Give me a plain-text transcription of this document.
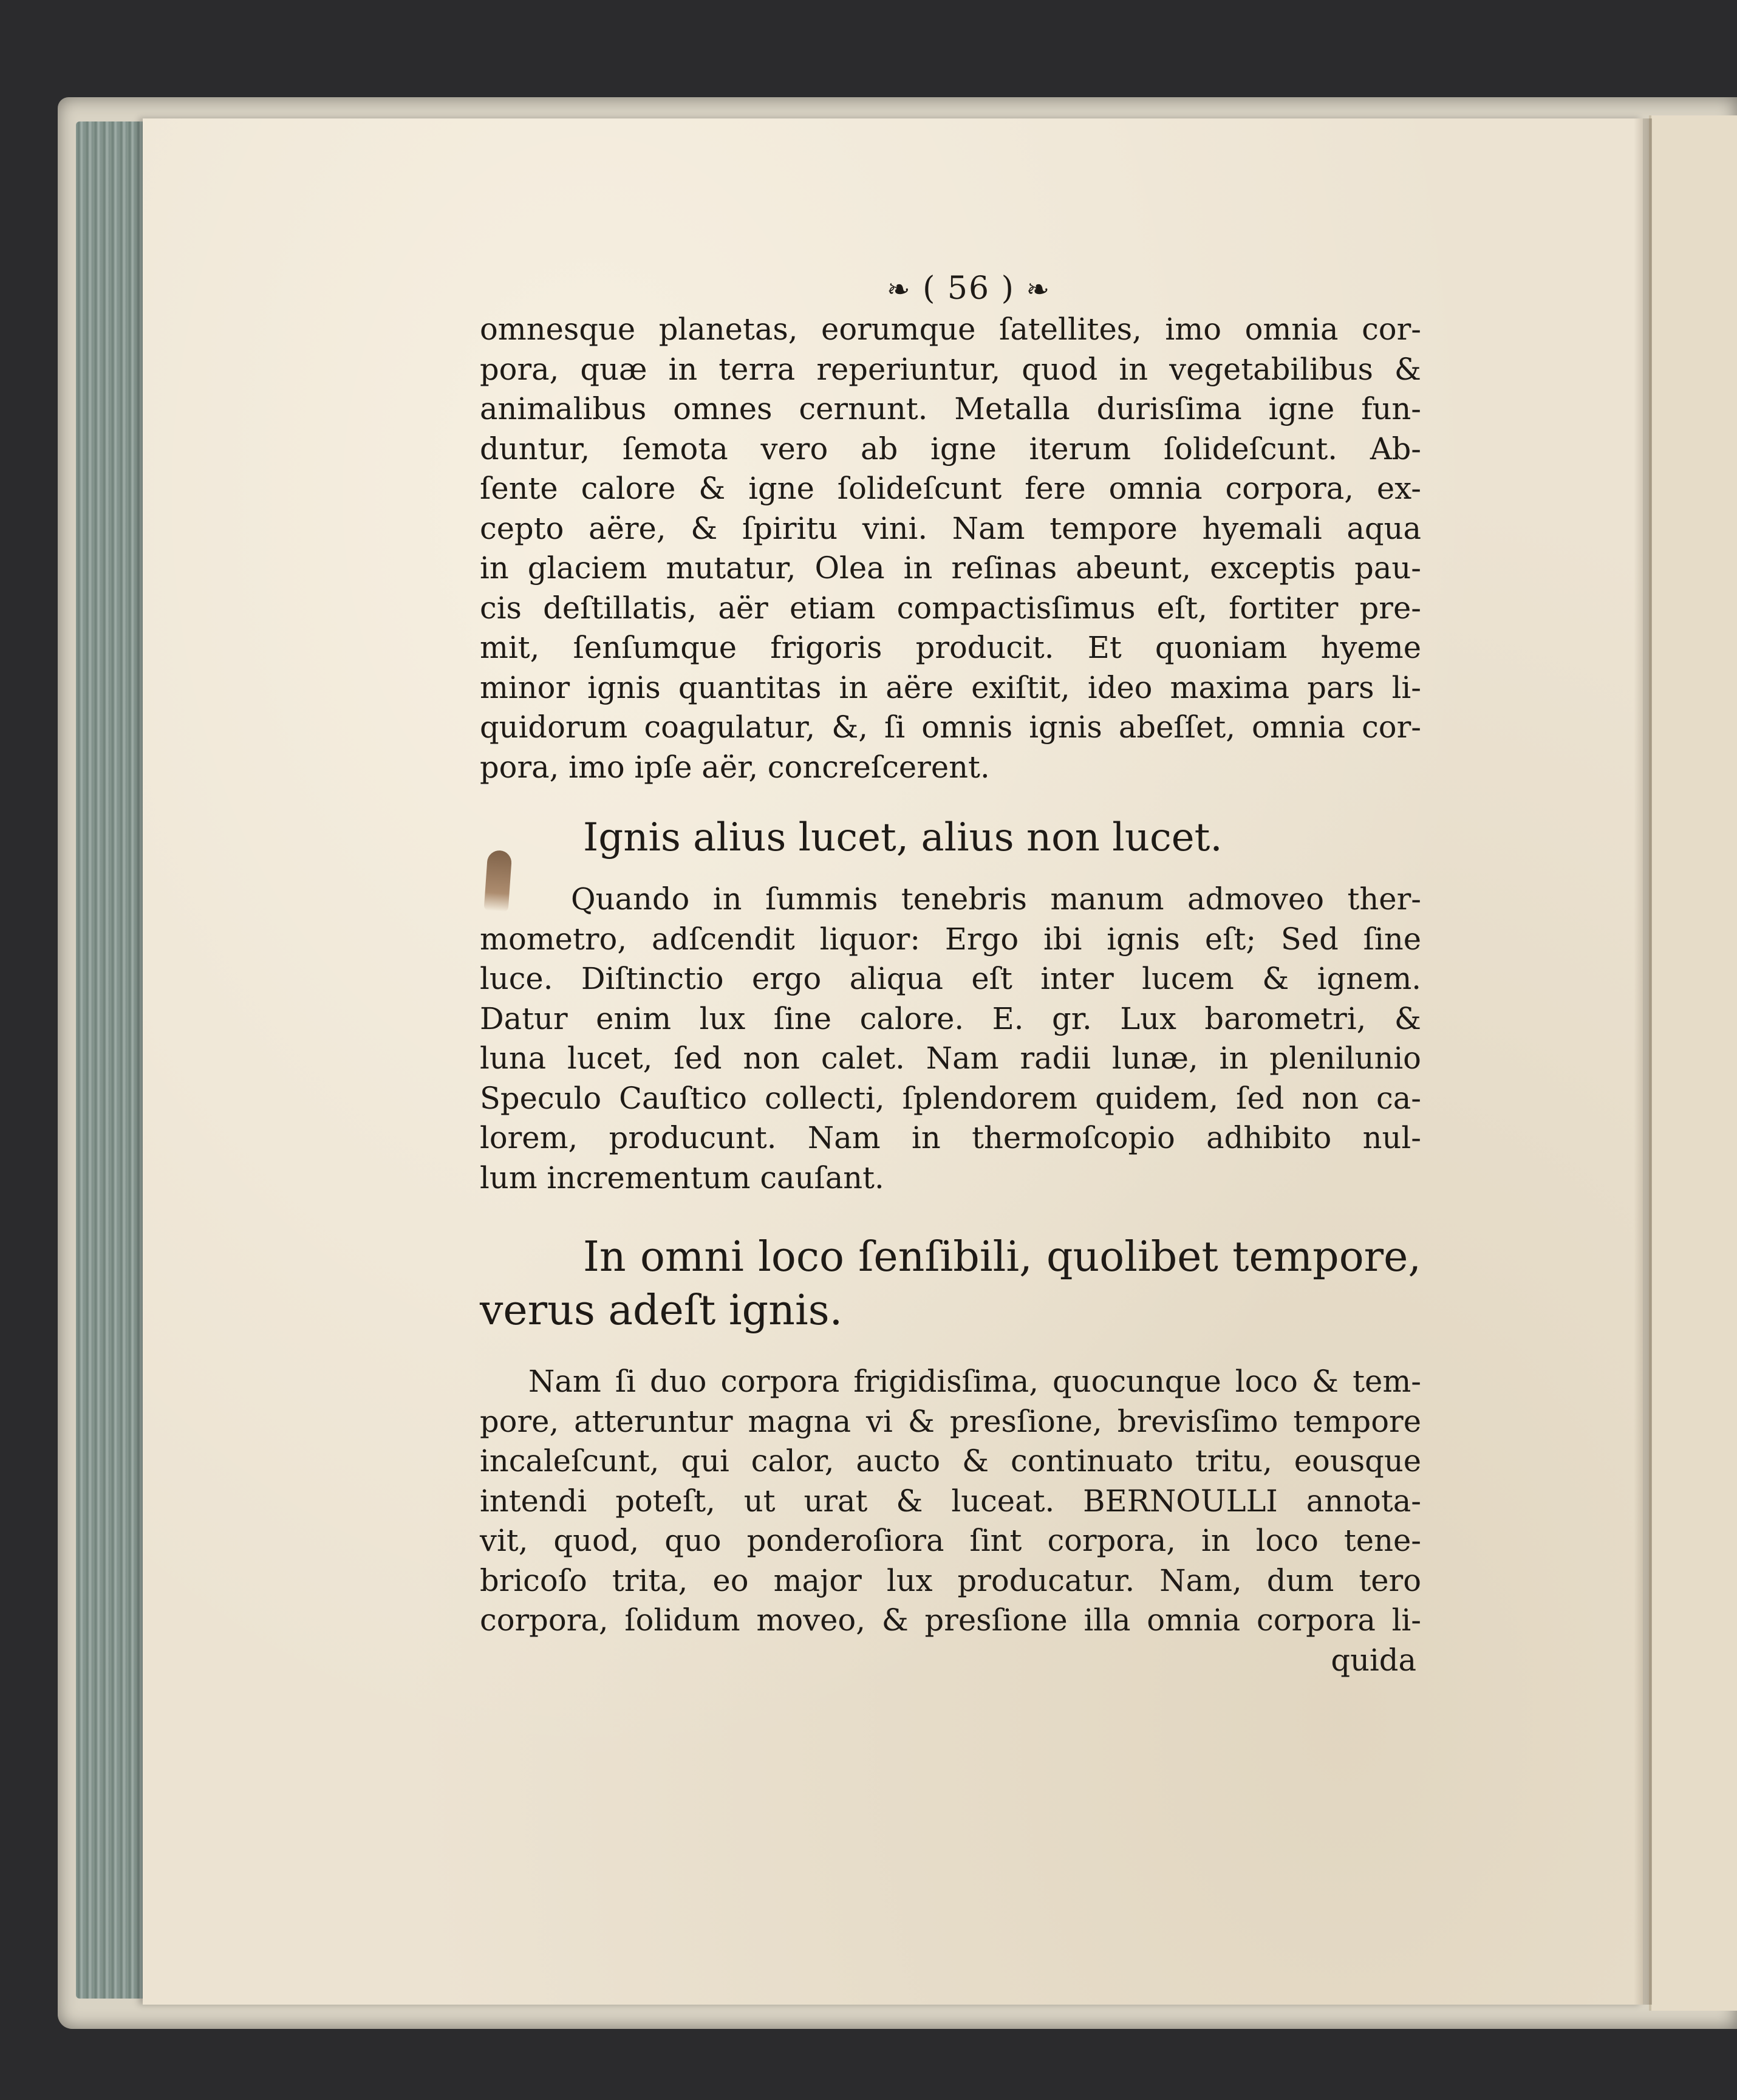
❧ ( 56 ) ❧
omnesque planetas, eorumque ſatellites, imo omnia cor-
pora, quæ in terra reperiuntur, quod in vegetabilibus &
animalibus omnes cernunt. Metalla durisſima igne fun-
duntur, ſemota vero ab igne iterum ſolideſcunt. Ab-
ſente calore & igne ſolideſcunt fere omnia corpora, ex-
cepto aëre, & ſpiritu vini. Nam tempore hyemali aqua
in glaciem mutatur, Olea in reſinas abeunt, exceptis pau-
cis deſtillatis, aër etiam compactisſimus eſt, fortiter pre-
mit, ſenſumque frigoris producit. Et quoniam hyeme
minor ignis quantitas in aëre exiſtit, ideo maxima pars li-
quidorum coagulatur, &, ſi omnis ignis abeſſet, omnia cor-
pora, imo ipſe aër, concreſcerent.
Ignis alius lucet, alius non lucet.
Quando in ſummis tenebris manum admoveo ther-
mometro, adſcendit liquor: Ergo ibi ignis eſt; Sed ſine
luce. Diſtinctio ergo aliqua eſt inter lucem & ignem.
Datur enim lux ſine calore. E. gr. Lux barometri, &
luna lucet, ſed non calet. Nam radii lunæ, in plenilunio
Speculo Cauſtico collecti, ſplendorem quidem, ſed non ca-
lorem, producunt. Nam in thermoſcopio adhibito nul-
lum incrementum cauſant.
In omni loco ſenſibili, quolibet tempore,
verus adeſt ignis.
Nam ſi duo corpora frigidisſima, quocunque loco & tem-
pore, atteruntur magna vi & presſione, brevisſimo tempore
incaleſcunt, qui calor, aucto & continuato tritu, eousque
intendi poteſt, ut urat & luceat. BERNOULLI annota-
vit, quod, quo ponderoſiora ſint corpora, in loco tene-
bricoſo trita, eo major lux producatur. Nam, dum tero
corpora, ſolidum moveo, & presſione illa omnia corpora li-
quida
